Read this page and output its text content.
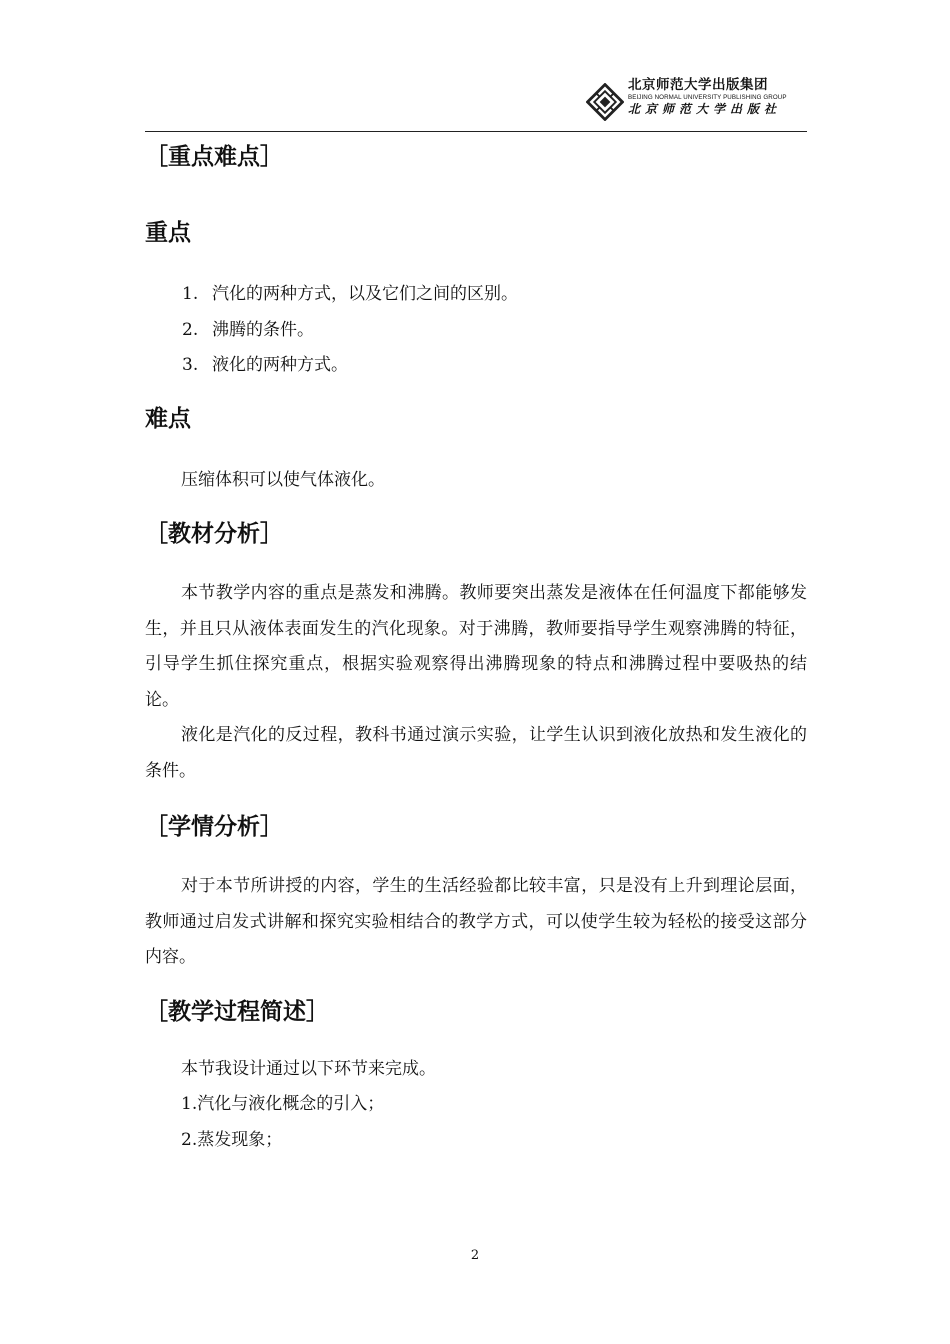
北京师范大学出版集团
BEIJING NORMAL UNIVERSITY PUBLISHING GROUP
北京师范大学出版社
［重点难点］
重点
1. 汽化的两种方式，以及它们之间的区别。
2. 沸腾的条件。
3. 液化的两种方式。
难点

压缩体积可以使气体液化。

［教材分析］

本节教学内容的重点是蒸发和沸腾。教师要突出蒸发是液体在任何温度下都能够发生，并且只从液体表面发生的汽化现象。对于沸腾，教师要指导学生观察沸腾的特征，引导学生抓住探究重点，根据实验观察得出沸腾现象的特点和沸腾过程中要吸热的结论。

液化是汽化的反过程，教科书通过演示实验，让学生认识到液化放热和发生液化的条件。

［学情分析］

对于本节所讲授的内容，学生的生活经验都比较丰富，只是没有上升到理论层面，教师通过启发式讲解和探究实验相结合的教学方式，可以使学生较为轻松的接受这部分内容。

［教学过程简述］

本节我设计通过以下环节来完成。

1.汽化与液化概念的引入；

2.蒸发现象；

2
